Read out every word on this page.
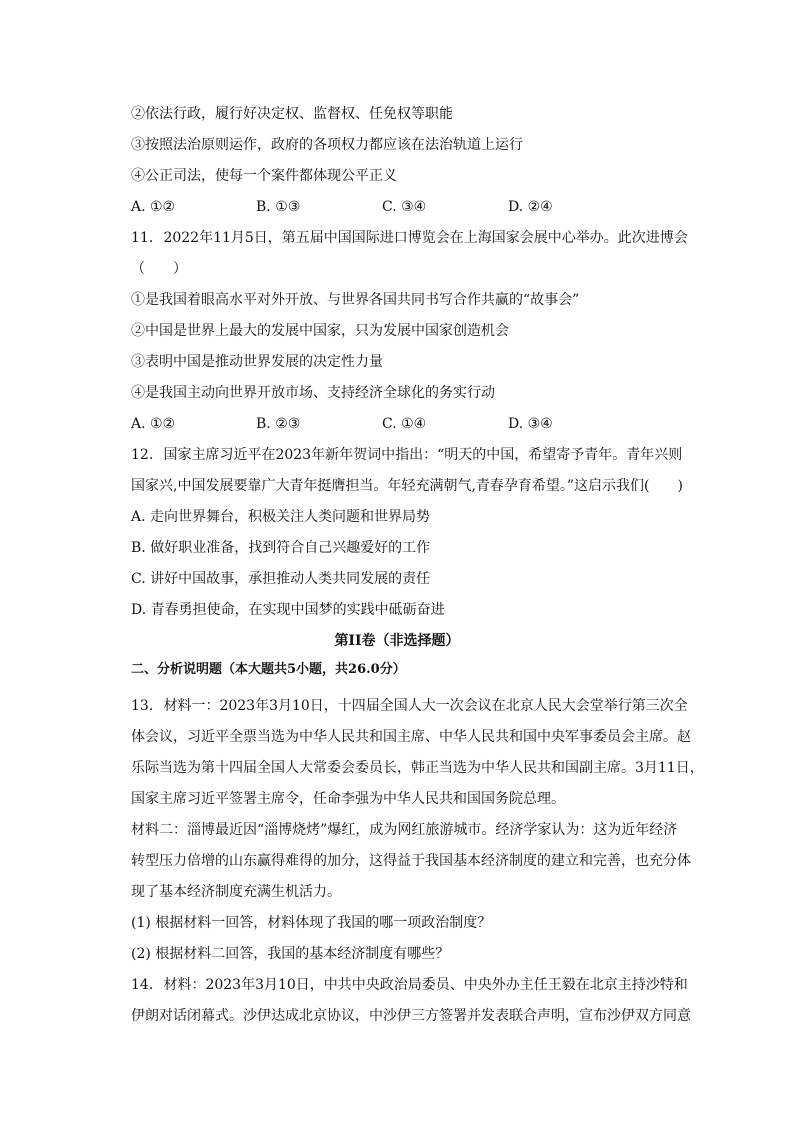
②依法行政，履行好决定权、监督权、任免权等职能
③按照法治原则运作，政府的各项权力都应该在法治轨道上运行
④公正司法，使每一个案件都体现公平正义
A. ①②	B. ①③	C. ③④	D. ②④
11. 2022年11月5日，第五届中国国际进口博览会在上海国家会展中心举办。此次进博会
（　　）
①是我国着眼高水平对外开放、与世界各国共同书写合作共赢的“故事会”
②中国是世界上最大的发展中国家，只为发展中国家创造机会
③表明中国是推动世界发展的决定性力量
④是我国主动向世界开放市场、支持经济全球化的务实行动
A. ①②	B. ②③	C. ①④	D. ③④
12. 国家主席习近平在2023年新年贺词中指出：“明天的中国，希望寄予青年。青年兴则
国家兴,中国发展要靠广大青年挺膺担当。年轻充满朝气,青春孕育希望。”这启示我们(　　)
A. 走向世界舞台，积极关注人类问题和世界局势
B. 做好职业准备，找到符合自己兴趣爱好的工作
C. 讲好中国故事，承担推动人类共同发展的责任
D. 青春勇担使命，在实现中国梦的实践中砥砺奋进
第II卷（非选择题）
二、分析说明题（本大题共5小题，共26.0分）
13. 材料一：2023年3月10日，十四届全国人大一次会议在北京人民大会堂举行第三次全
体会议，习近平全票当选为中华人民共和国主席、中华人民共和国中央军事委员会主席。赵
乐际当选为第十四届全国人大常委会委员长，韩正当选为中华人民共和国副主席。3月11日，
国家主席习近平签署主席令，任命李强为中华人民共和国国务院总理。
材料二：淄博最近因“淄博烧烤”爆红，成为网红旅游城市。经济学家认为：这为近年经济
转型压力倍增的山东赢得难得的加分，这得益于我国基本经济制度的建立和完善，也充分体
现了基本经济制度充满生机活力。
(1) 根据材料一回答，材料体现了我国的哪一项政治制度？
(2) 根据材料二回答，我国的基本经济制度有哪些？
14. 材料：2023年3月10日，中共中央政治局委员、中央外办主任王毅在北京主持沙特和
伊朗对话闭幕式。沙伊达成北京协议，中沙伊三方签署并发表联合声明，宣布沙伊双方同意
